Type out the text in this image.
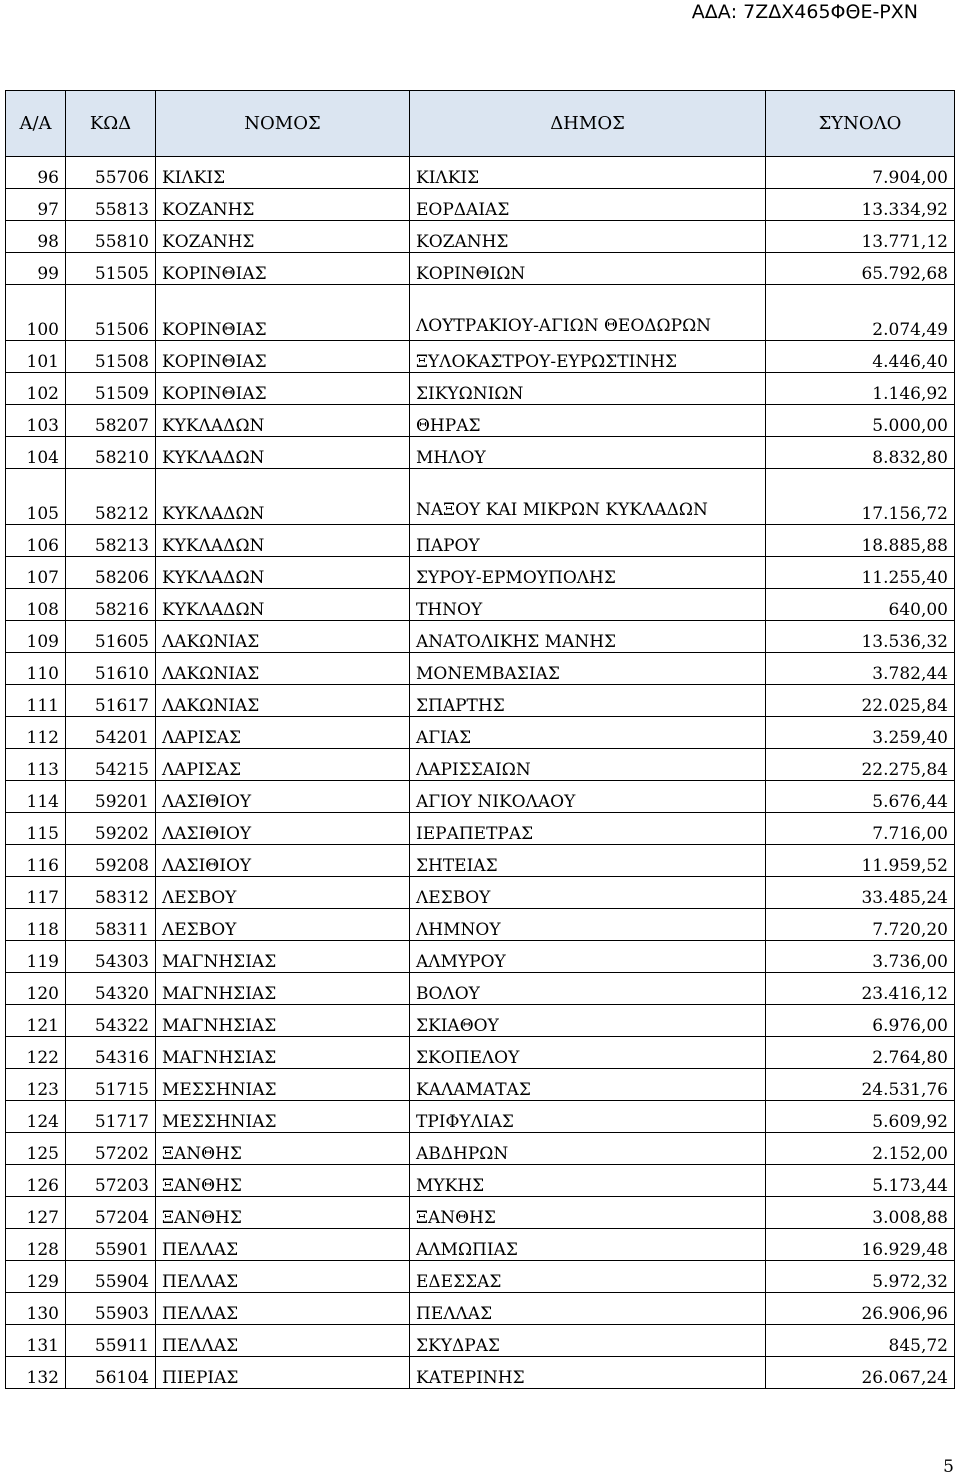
ΑΔΑ: 7ΖΔΧ465ΦΘΕ-ΡΧΝ
Α/Α	ΚΩΔ	ΝΟΜΟΣ	ΔΗΜΟΣ	ΣΥΝΟΛΟ
96	55706	ΚΙΛΚΙΣ	ΚΙΛΚΙΣ	7.904,00
97	55813	ΚΟΖΑΝΗΣ	ΕΟΡΔΑΙΑΣ	13.334,92
98	55810	ΚΟΖΑΝΗΣ	ΚΟΖΑΝΗΣ	13.771,12
99	51505	ΚΟΡΙΝΘΙΑΣ	ΚΟΡΙΝΘΙΩΝ	65.792,68
100	51506	ΚΟΡΙΝΘΙΑΣ	ΛΟΥΤΡΑΚΙΟΥ-ΑΓΙΩΝ ΘΕΟΔΩΡΩΝ	2.074,49
101	51508	ΚΟΡΙΝΘΙΑΣ	ΞΥΛΟΚΑΣΤΡΟΥ-ΕΥΡΩΣΤΙΝΗΣ	4.446,40
102	51509	ΚΟΡΙΝΘΙΑΣ	ΣΙΚΥΩΝΙΩΝ	1.146,92
103	58207	ΚΥΚΛΑΔΩΝ	ΘΗΡΑΣ	5.000,00
104	58210	ΚΥΚΛΑΔΩΝ	ΜΗΛΟΥ	8.832,80
105	58212	ΚΥΚΛΑΔΩΝ	ΝΑΞΟΥ ΚΑΙ ΜΙΚΡΩΝ ΚΥΚΛΑΔΩΝ	17.156,72
106	58213	ΚΥΚΛΑΔΩΝ	ΠΑΡΟΥ	18.885,88
107	58206	ΚΥΚΛΑΔΩΝ	ΣΥΡΟΥ-ΕΡΜΟΥΠΟΛΗΣ	11.255,40
108	58216	ΚΥΚΛΑΔΩΝ	ΤΗΝΟΥ	640,00
109	51605	ΛΑΚΩΝΙΑΣ	ΑΝΑΤΟΛΙΚΗΣ ΜΑΝΗΣ	13.536,32
110	51610	ΛΑΚΩΝΙΑΣ	ΜΟΝΕΜΒΑΣΙΑΣ	3.782,44
111	51617	ΛΑΚΩΝΙΑΣ	ΣΠΑΡΤΗΣ	22.025,84
112	54201	ΛΑΡΙΣΑΣ	ΑΓΙΑΣ	3.259,40
113	54215	ΛΑΡΙΣΑΣ	ΛΑΡΙΣΣΑΙΩΝ	22.275,84
114	59201	ΛΑΣΙΘΙΟΥ	ΑΓΙΟΥ ΝΙΚΟΛΑΟΥ	5.676,44
115	59202	ΛΑΣΙΘΙΟΥ	ΙΕΡΑΠΕΤΡΑΣ	7.716,00
116	59208	ΛΑΣΙΘΙΟΥ	ΣΗΤΕΙΑΣ	11.959,52
117	58312	ΛΕΣΒΟΥ	ΛΕΣΒΟΥ	33.485,24
118	58311	ΛΕΣΒΟΥ	ΛΗΜΝΟΥ	7.720,20
119	54303	ΜΑΓΝΗΣΙΑΣ	ΑΛΜΥΡΟΥ	3.736,00
120	54320	ΜΑΓΝΗΣΙΑΣ	ΒΟΛΟΥ	23.416,12
121	54322	ΜΑΓΝΗΣΙΑΣ	ΣΚΙΑΘΟΥ	6.976,00
122	54316	ΜΑΓΝΗΣΙΑΣ	ΣΚΟΠΕΛΟΥ	2.764,80
123	51715	ΜΕΣΣΗΝΙΑΣ	ΚΑΛΑΜΑΤΑΣ	24.531,76
124	51717	ΜΕΣΣΗΝΙΑΣ	ΤΡΙΦΥΛΙΑΣ	5.609,92
125	57202	ΞΑΝΘΗΣ	ΑΒΔΗΡΩΝ	2.152,00
126	57203	ΞΑΝΘΗΣ	ΜΥΚΗΣ	5.173,44
127	57204	ΞΑΝΘΗΣ	ΞΑΝΘΗΣ	3.008,88
128	55901	ΠΕΛΛΑΣ	ΑΛΜΩΠΙΑΣ	16.929,48
129	55904	ΠΕΛΛΑΣ	ΕΔΕΣΣΑΣ	5.972,32
130	55903	ΠΕΛΛΑΣ	ΠΕΛΛΑΣ	26.906,96
131	55911	ΠΕΛΛΑΣ	ΣΚΥΔΡΑΣ	845,72
132	56104	ΠΙΕΡΙΑΣ	ΚΑΤΕΡΙΝΗΣ	26.067,24
5
